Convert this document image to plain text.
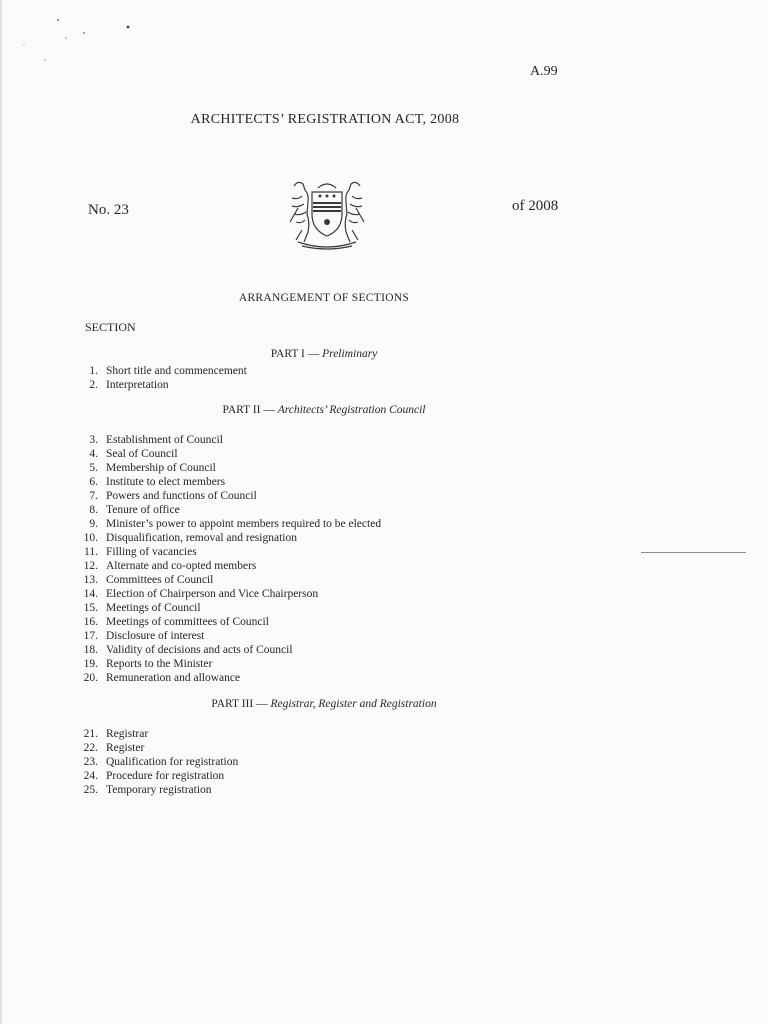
A.99
ARCHITECTS’ REGISTRATION ACT, 2008
No. 23	of 2008
ARRANGEMENT OF SECTIONS
SECTION
PART I — Preliminary
1. Short title and commencement
2. Interpretation
PART II — Architects’ Registration Council
3. Establishment of Council
4. Seal of Council
5. Membership of Council
6. Institute to elect members
7. Powers and functions of Council
8. Tenure of office
9. Minister’s power to appoint members required to be elected
10. Disqualification, removal and resignation
11. Filling of vacancies
12. Alternate and co-opted members
13. Committees of Council
14. Election of Chairperson and Vice Chairperson
15. Meetings of Council
16. Meetings of committees of Council
17. Disclosure of interest
18. Validity of decisions and acts of Council
19. Reports to the Minister
20. Remuneration and allowance
PART III — Registrar, Register and Registration
21. Registrar
22. Register
23. Qualification for registration
24. Procedure for registration
25. Temporary registration
